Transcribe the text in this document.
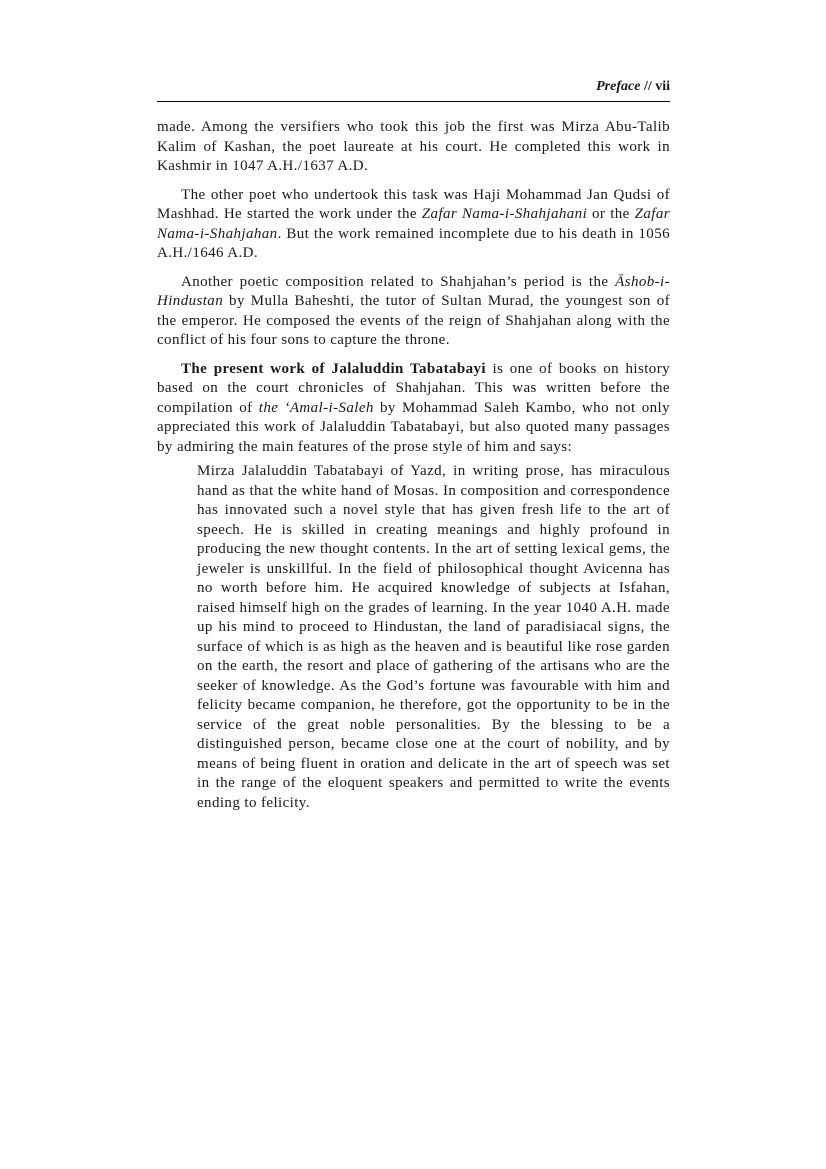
Preface // vii

made. Among the versifiers who took this job the first was Mirza Abu-Talib Kalim of Kashan, the poet laureate at his court. He completed this work in Kashmir in 1047 A.H./1637 A.D.

The other poet who undertook this task was Haji Mohammad Jan Qudsi of Mashhad. He started the work under the Zafar Nama-i-Shahjahani or the Zafar Nama-i-Shahjahan. But the work remained incomplete due to his death in 1056 A.H./1646 A.D.

Another poetic composition related to Shahjahan’s period is the Āshob-i-Hindustan by Mulla Baheshti, the tutor of Sultan Murad, the youngest son of the emperor. He composed the events of the reign of Shahjahan along with the conflict of his four sons to capture the throne.

The present work of Jalaluddin Tabatabayi is one of books on history based on the court chronicles of Shahjahan. This was written before the compilation of the ‘Amal-i-Saleh by Mohammad Saleh Kambo, who not only appreciated this work of Jalaluddin Tabatabayi, but also quoted many passages by admiring the main features of the prose style of him and says:

Mirza Jalaluddin Tabatabayi of Yazd, in writing prose, has miraculous hand as that the white hand of Mosas. In composition and correspondence has innovated such a novel style that has given fresh life to the art of speech. He is skilled in creating meanings and highly profound in producing the new thought contents. In the art of setting lexical gems, the jeweler is unskillful. In the field of philosophical thought Avicenna has no worth before him. He acquired knowledge of subjects at Isfahan, raised himself high on the grades of learning. In the year 1040 A.H. made up his mind to proceed to Hindustan, the land of paradisiacal signs, the surface of which is as high as the heaven and is beautiful like rose garden on the earth, the resort and place of gathering of the artisans who are the seeker of knowledge. As the God’s fortune was favourable with him and felicity became companion, he therefore, got the opportunity to be in the service of the great noble personalities. By the blessing to be a distinguished person, became close one at the court of nobility, and by means of being fluent in oration and delicate in the art of speech was set in the range of the eloquent speakers and permitted to write the events ending to felicity.
